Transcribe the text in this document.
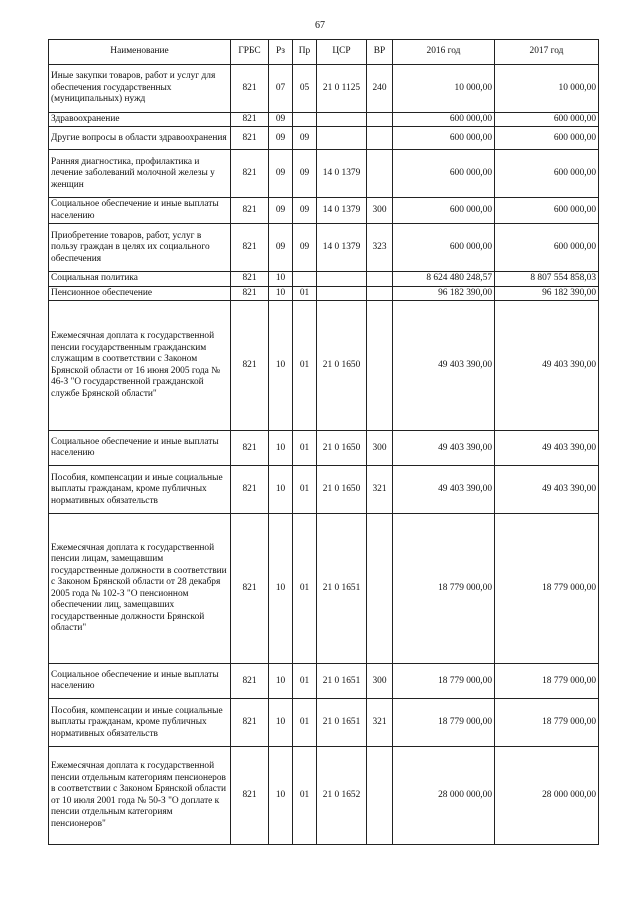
67
Наименование	ГРБС	Рз	Пр	ЦСР	ВР	2016 год	2017 год
Иные закупки товаров, работ и услуг для обеспечения государственных (муниципальных) нужд	821	07	05	21 0 1125	240	10 000,00	10 000,00
Здравоохранение	821	09				600 000,00	600 000,00
Другие вопросы в области здравоохранения	821	09	09			600 000,00	600 000,00
Ранняя диагностика, профилактика и лечение заболеваний молочной железы у женщин	821	09	09	14 0 1379		600 000,00	600 000,00
Социальное обеспечение и иные выплаты населению	821	09	09	14 0 1379	300	600 000,00	600 000,00
Приобретение товаров, работ, услуг в пользу граждан в целях их социального обеспечения	821	09	09	14 0 1379	323	600 000,00	600 000,00
Социальная политика	821	10				8 624 480 248,57	8 807 554 858,03
Пенсионное обеспечение	821	10	01			96 182 390,00	96 182 390,00
Ежемесячная доплата к государственной пенсии государственным гражданским служащим в соответствии с Законом Брянской области от 16 июня 2005 года № 46-З "О государственной гражданской службе Брянской области"	821	10	01	21 0 1650		49 403 390,00	49 403 390,00
Социальное обеспечение и иные выплаты населению	821	10	01	21 0 1650	300	49 403 390,00	49 403 390,00
Пособия, компенсации и иные социальные выплаты гражданам, кроме публичных нормативных обязательств	821	10	01	21 0 1650	321	49 403 390,00	49 403 390,00
Ежемесячная доплата к государственной пенсии лицам, замещавшим государственные должности в соответствии с Законом Брянской области от 28 декабря 2005 года № 102-З "О пенсионном обеспечении лиц, замещавших государственные должности Брянской области"	821	10	01	21 0 1651		18 779 000,00	18 779 000,00
Социальное обеспечение и иные выплаты населению	821	10	01	21 0 1651	300	18 779 000,00	18 779 000,00
Пособия, компенсации и иные социальные выплаты гражданам, кроме публичных нормативных обязательств	821	10	01	21 0 1651	321	18 779 000,00	18 779 000,00
Ежемесячная доплата к государственной пенсии отдельным категориям пенсионеров в соответствии с Законом Брянской области от 10 июля 2001 года № 50-З "О доплате к пенсии отдельным категориям пенсионеров"	821	10	01	21 0 1652		28 000 000,00	28 000 000,00
